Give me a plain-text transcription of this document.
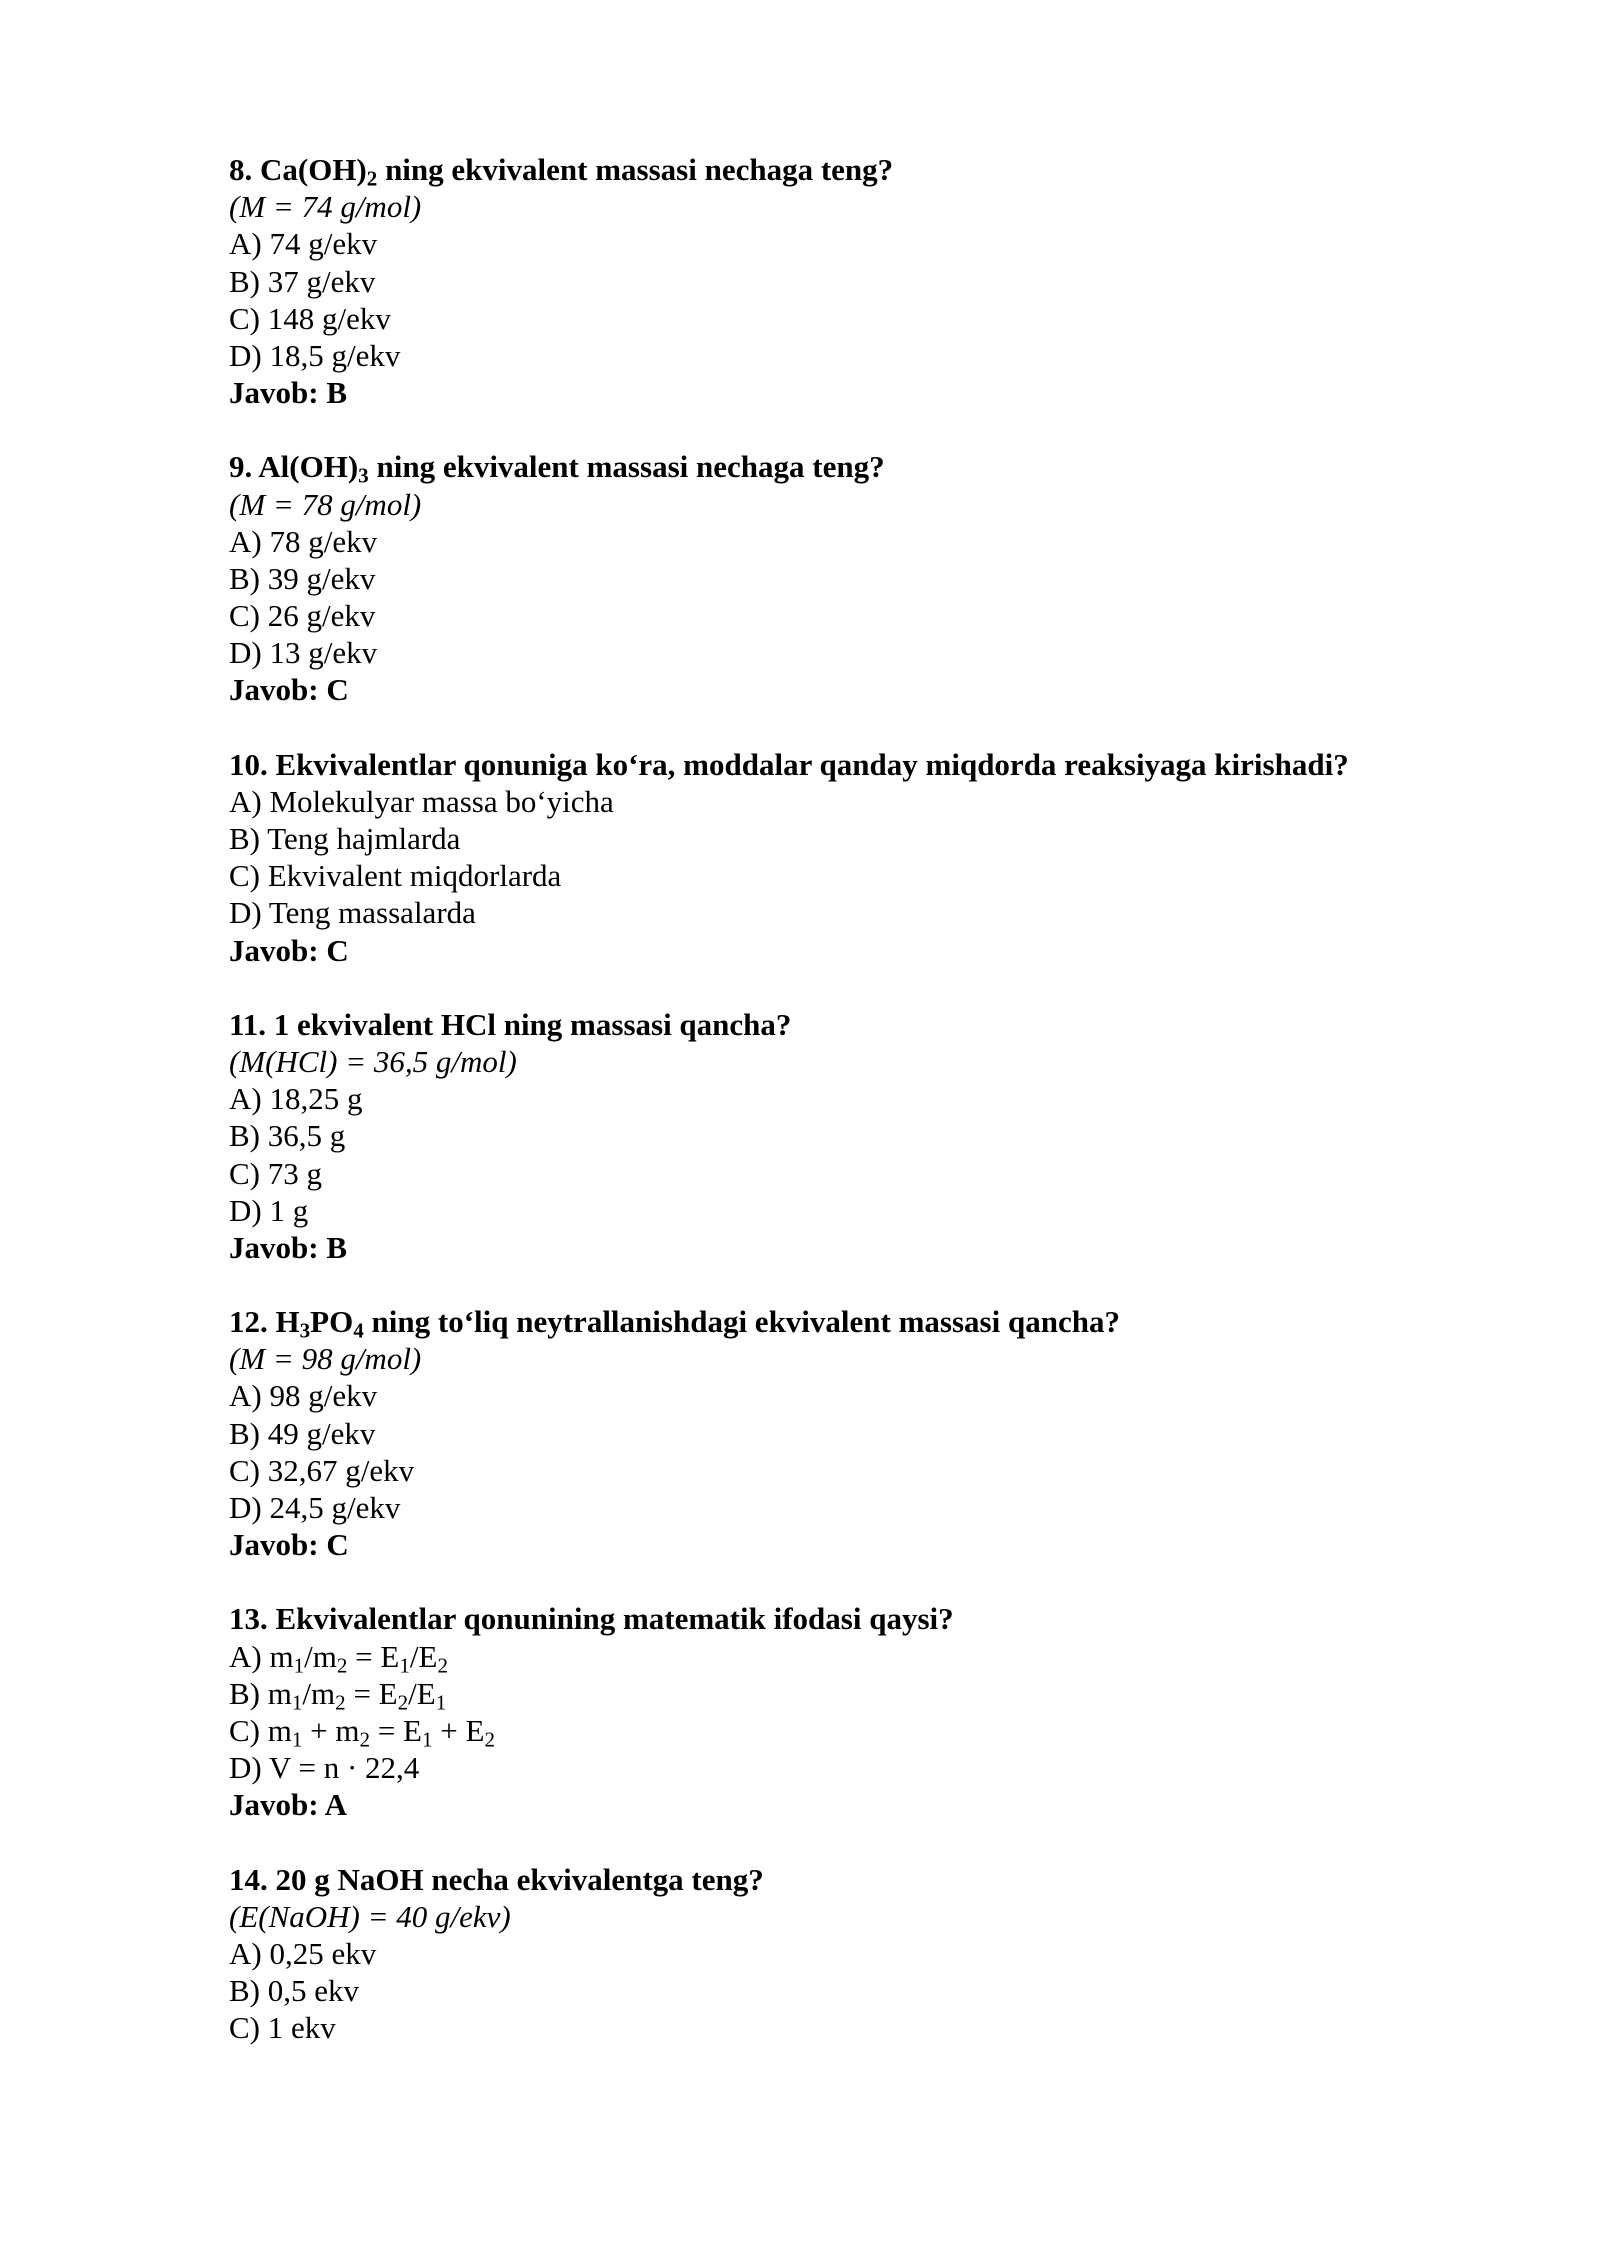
8. $Ca(OH)_2$ ning ekvivalent massasi nechaga teng?
(M = 74 g/mol)
A) 74 g/ekv
B) 37 g/ekv
C) 148 g/ekv
D) 18,5 g/ekv
Javob: B
9. $Al(OH)_3$ ning ekvivalent massasi nechaga teng?
(M = 78 g/mol)
A) 78 g/ekv
B) 39 g/ekv
C) 26 g/ekv
D) 13 g/ekv
Javob: C
10. Ekvivalentlar qonuniga ko‘ra, moddalar qanday miqdorda reaksiyaga kirishadi?
A) Molekulyar massa bo‘yicha
B) Teng hajmlarda
C) Ekvivalent miqdorlarda
D) Teng massalarda
Javob: C
11. 1 ekvivalent HCl ning massasi qancha?
(M(HCl) = 36,5 g/mol)
A) 18,25 g
B) 36,5 g
C) 73 g
D) 1 g
Javob: B
12. $H_3PO_4$ ning to‘liq neytrallanishdagi ekvivalent massasi qancha?
(M = 98 g/mol)
A) 98 g/ekv
B) 49 g/ekv
C) 32,67 g/ekv
D) 24,5 g/ekv
Javob: C
13. Ekvivalentlar qonunining matematik ifodasi qaysi?
A) $m_1/m_2 = E_1/E_2$
B) $m_1/m_2 = E_2/E_1$
C) $m_1 + m_2 = E_1 + E_2$
D) V = n · 22,4
Javob: A
14. 20 g NaOH necha ekvivalentga teng?
(E(NaOH) = 40 g/ekv)
A) 0,25 ekv
B) 0,5 ekv
C) 1 ekv
